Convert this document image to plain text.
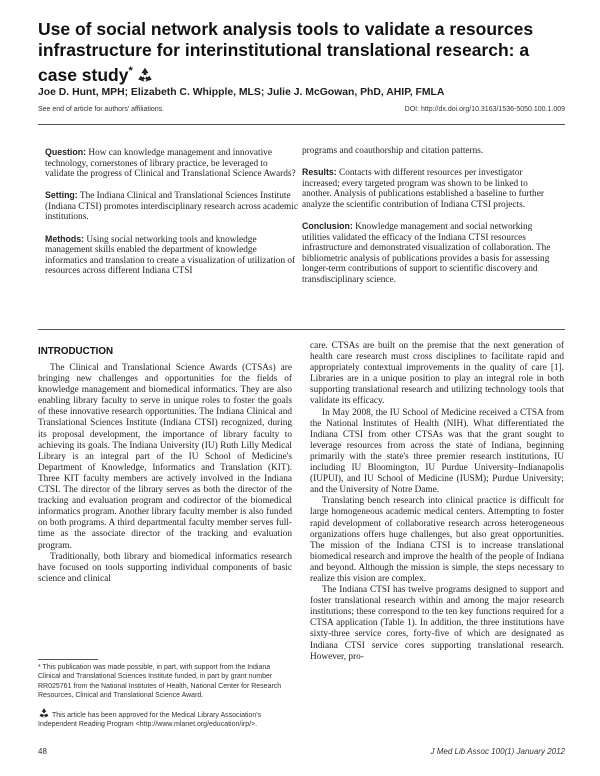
Use of social network analysis tools to validate a resources infrastructure for interinstitutional translational research: a case study*
Joe D. Hunt, MPH; Elizabeth C. Whipple, MLS; Julie J. McGowan, PhD, AHIP, FMLA
See end of article for authors' affiliations.	DOI: http://dx.doi.org/10.3163/1536-5050.100.1.009

Question: How can knowledge management and innovative technology, cornerstones of library practice, be leveraged to validate the progress of Clinical and Translational Science Awards?

Setting: The Indiana Clinical and Translational Sciences Institute (Indiana CTSI) promotes interdisciplinary research across academic institutions.

Methods: Using social networking tools and knowledge management skills enabled the department of knowledge informatics and translation to create a visualization of utilization of resources across different Indiana CTSI

programs and coauthorship and citation patterns.

Results: Contacts with different resources per investigator increased; every targeted program was shown to be linked to another. Analysis of publications established a baseline to further analyze the scientific contribution of Indiana CTSI projects.

Conclusion: Knowledge management and social networking utilities validated the efficacy of the Indiana CTSI resources infrastructure and demonstrated visualization of collaboration. The bibliometric analysis of publications provides a basis for assessing longer-term contributions of support to scientific discovery and transdisciplinary science.

INTRODUCTION

The Clinical and Translational Science Awards (CTSAs) are bringing new challenges and opportunities for the fields of knowledge management and biomedical informatics. They are also enabling library faculty to serve in unique roles to foster the goals of these innovative research opportunities. The Indiana Clinical and Translational Sciences Institute (Indiana CTSI) recognized, during its proposal development, the importance of library faculty to achieving its goals. The Indiana University (IU) Ruth Lilly Medical Library is an integral part of the IU School of Medicine's Department of Knowledge, Informatics and Translation (KIT). Three KIT faculty members are actively involved in the Indiana CTSI. The director of the library serves as both the director of the tracking and evaluation program and codirector of the biomedical informatics program. Another library faculty member is also funded on both programs. A third departmental faculty member serves full-time as the associate director of the tracking and evaluation program.

Traditionally, both library and biomedical informatics research have focused on tools supporting individual components of basic science and clinical

care. CTSAs are built on the premise that the next generation of health care research must cross disciplines to facilitate rapid and appropriately contextual improvements in the quality of care [1]. Libraries are in a unique position to play an integral role in both supporting translational research and utilizing technology tools that validate its efficacy.

In May 2008, the IU School of Medicine received a CTSA from the National Institutes of Health (NIH). What differentiated the Indiana CTSI from other CTSAs was that the grant sought to leverage resources from across the state of Indiana, beginning primarily with the state's three premier research institutions, IU including IU Bloomington, IU Purdue University–Indianapolis (IUPUI), and IU School of Medicine (IUSM); Purdue University; and the University of Notre Dame.

Translating bench research into clinical practice is difficult for large homogeneous academic medical centers. Attempting to foster rapid development of collaborative research across heterogeneous organizations offers huge challenges, but also great opportunities. The mission of the Indiana CTSI is to increase translational biomedical research and improve the health of the people of Indiana and beyond. Although the mission is simple, the steps necessary to realize this vision are complex.

The Indiana CTSI has twelve programs designed to support and foster translational research within and among the major research institutions; these correspond to the ten key functions required for a CTSA application (Table 1). In addition, the three institutions have sixty-three service cores, forty-five of which are designated as Indiana CTSI service cores supporting translational research. However, pro-

* This publication was made possible, in part, with support from the Indiana Clinical and Translational Sciences Institute funded, in part by grant number RR025761 from the National Institutes of Health, National Center for Research Resources, Clinical and Translational Science Award.

This article has been approved for the Medical Library Association's Independent Reading Program <http://www.mlanet.org/education/irp/>.

48	J Med Lib Assoc 100(1) January 2012
